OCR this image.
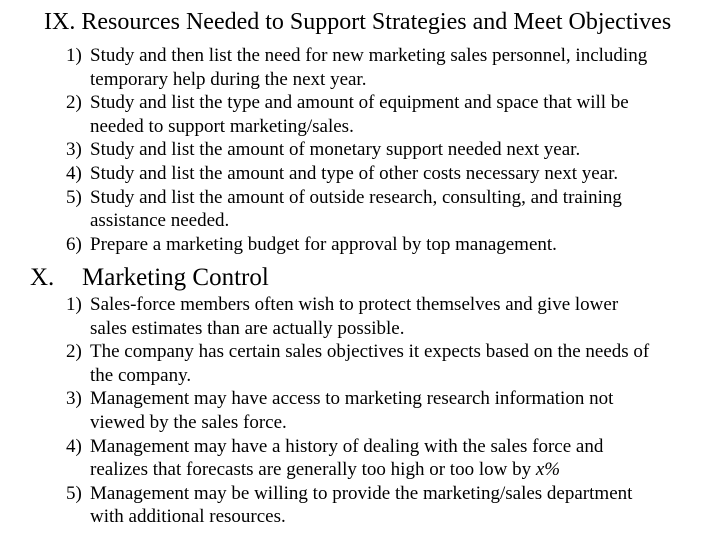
IX. Resources Needed to Support Strategies and Meet Objectives
1) Study and then list the need for new marketing sales personnel, including
temporary help during the next year.
2) Study and list the type and amount of equipment and space that will be
needed to support marketing/sales.
3) Study and list the amount of monetary support needed next year.
4) Study and list the amount and type of other costs necessary next year.
5) Study and list the amount of outside research, consulting, and training
assistance needed.
6) Prepare a marketing budget for approval by top management.
X. Marketing Control
1) Sales-force members often wish to protect themselves and give lower
sales estimates than are actually possible.
2) The company has certain sales objectives it expects based on the needs of
the company.
3) Management may have access to marketing research information not
viewed by the sales force.
4) Management may have a history of dealing with the sales force and
realizes that forecasts are generally too high or too low by x%
5) Management may be willing to provide the marketing/sales department
with additional resources.
